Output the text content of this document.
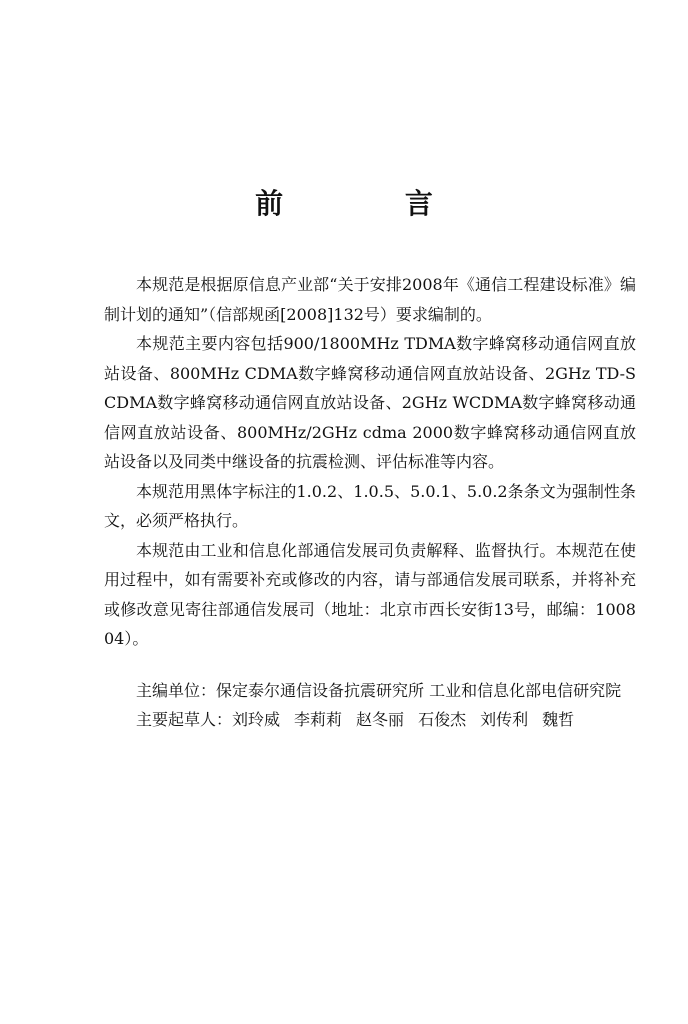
前 言

本规范是根据原信息产业部“关于安排2008年《通信工程建设标准》编制计划的通知”（信部规函[2008]132号）要求编制的。

本规范主要内容包括900/1800MHz TDMA数字蜂窝移动通信网直放站设备、800MHz CDMA数字蜂窝移动通信网直放站设备、2GHz TD-SCDMA数字蜂窝移动通信网直放站设备、2GHz WCDMA数字蜂窝移动通信网直放站设备、800MHz/2GHz cdma 2000数字蜂窝移动通信网直放站设备以及同类中继设备的抗震检测、评估标准等内容。

本规范用黑体字标注的1.0.2、1.0.5、5.0.1、5.0.2条条文为强制性条文，必须严格执行。

本规范由工业和信息化部通信发展司负责解释、监督执行。本规范在使用过程中，如有需要补充或修改的内容，请与部通信发展司联系，并将补充或修改意见寄往部通信发展司（地址：北京市西长安街13号，邮编：100804）。

主编单位：保定泰尔通信设备抗震研究所 工业和信息化部电信研究院

主要起草人：刘玲威 李莉莉 赵冬丽 石俊杰 刘传利 魏哲
